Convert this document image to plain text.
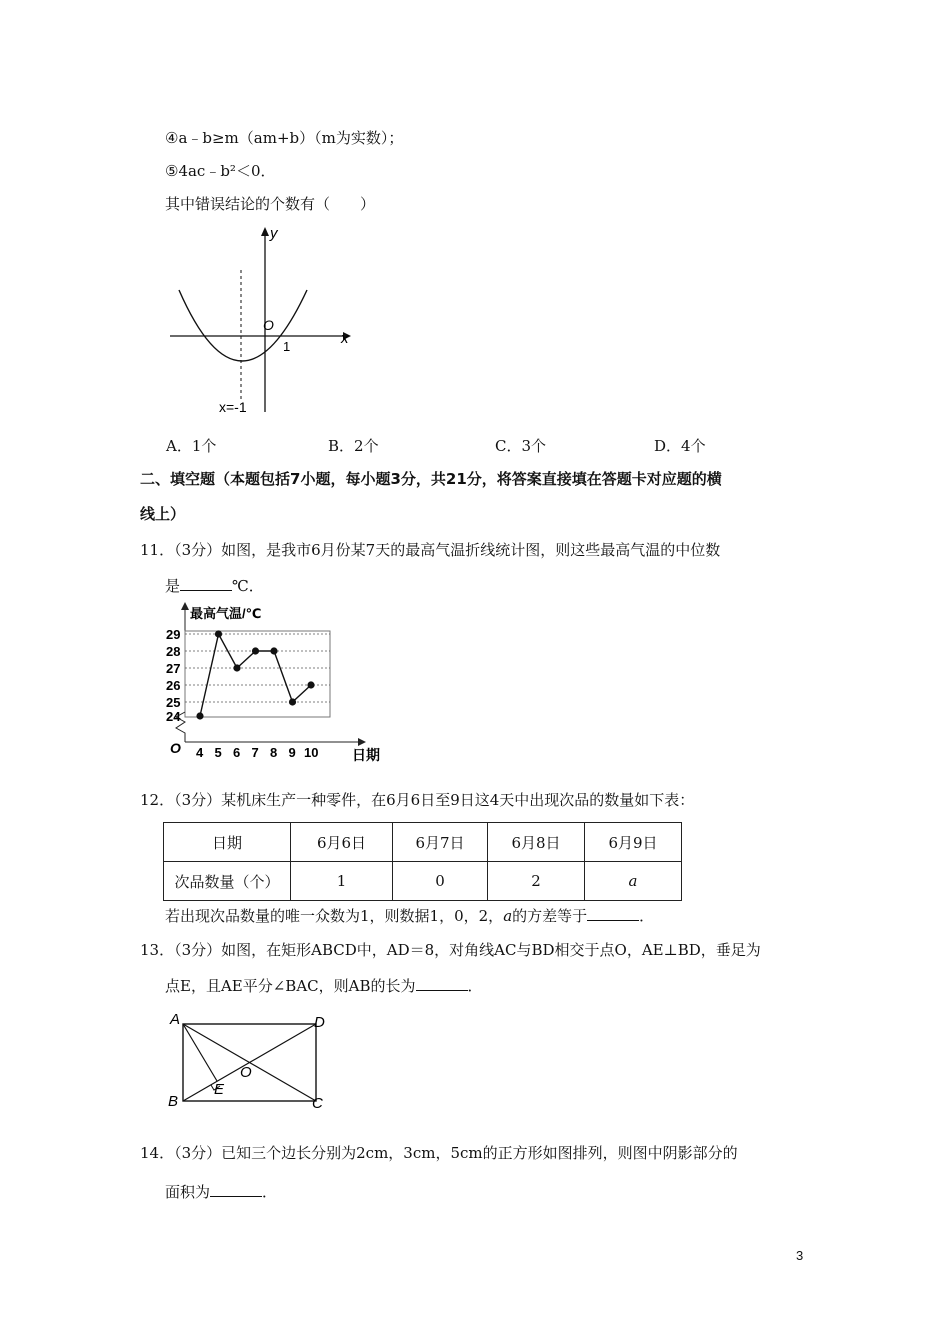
④a﹣b≥m（am+b）（m为实数）；
⑤4ac﹣b²＜0．
其中错误结论的个数有（　　）
y
x
O
1
x=-1
A．1个	B．2个	C．3个	D．4个
二、填空题（本题包括7小题，每小题3分，共21分，将答案直接填在答题卡对应题的横
线上）
11．（3分）如图，是我市6月份某7天的最高气温折线统计图，则这些最高气温的中位数
是	℃．
最高气温/℃
O	日期
24
25
26
27
28
29
4 5 6 7 8 9 10
12．（3分）某机床生产一种零件，在6月6日至9日这4天中出现次品的数量如下表：
日期	6月6日	6月7日	6月8日	6月9日
次品数量（个）	1	0	2	a
若出现次品数量的唯一众数为1，则数据1，0，2，a的方差等于	．
13．（3分）如图，在矩形ABCD中，AD＝8，对角线AC与BD相交于点O，AE⊥BD，垂足为
点E，且AE平分∠BAC，则AB的长为	．
A	D
B	C
E
O
14．（3分）已知三个边长分别为2cm，3cm，5cm的正方形如图排列，则图中阴影部分的
面积为	．
3
